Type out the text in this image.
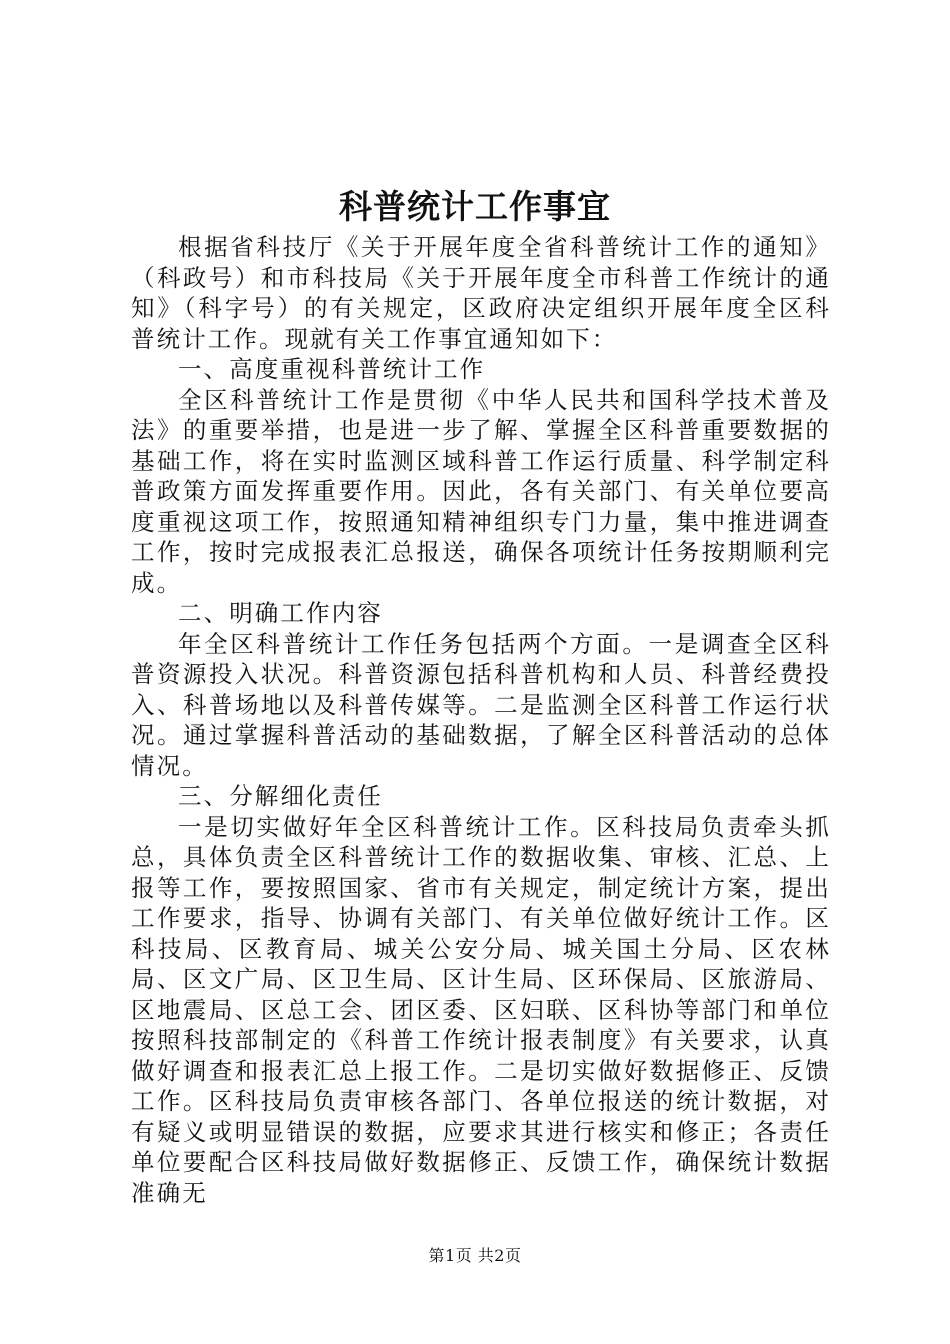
科普统计工作事宜

根据省科技厅《关于开展年度全省科普统计工作的通知》（科政号）和市科技局《关于开展年度全市科普工作统计的通知》（科字号）的有关规定，区政府决定组织开展年度全区科普统计工作。现就有关工作事宜通知如下：

一、高度重视科普统计工作

全区科普统计工作是贯彻《中华人民共和国科学技术普及法》的重要举措，也是进一步了解、掌握全区科普重要数据的基础工作，将在实时监测区域科普工作运行质量、科学制定科普政策方面发挥重要作用。因此，各有关部门、有关单位要高度重视这项工作，按照通知精神组织专门力量，集中推进调查工作，按时完成报表汇总报送，确保各项统计任务按期顺利完成。

二、明确工作内容

年全区科普统计工作任务包括两个方面。一是调查全区科普资源投入状况。科普资源包括科普机构和人员、科普经费投入、科普场地以及科普传媒等。二是监测全区科普工作运行状况。通过掌握科普活动的基础数据，了解全区科普活动的总体情况。

三、分解细化责任

一是切实做好年全区科普统计工作。区科技局负责牵头抓总，具体负责全区科普统计工作的数据收集、审核、汇总、上报等工作，要按照国家、省市有关规定，制定统计方案，提出工作要求，指导、协调有关部门、有关单位做好统计工作。区科技局、区教育局、城关公安分局、城关国土分局、区农林局、区文广局、区卫生局、区计生局、区环保局、区旅游局、区地震局、区总工会、团区委、区妇联、区科协等部门和单位按照科技部制定的《科普工作统计报表制度》有关要求，认真做好调查和报表汇总上报工作。二是切实做好数据修正、反馈工作。区科技局负责审核各部门、各单位报送的统计数据，对有疑义或明显错误的数据，应要求其进行核实和修正；各责任单位要配合区科技局做好数据修正、反馈工作，确保统计数据准确无

第1页 共2页
